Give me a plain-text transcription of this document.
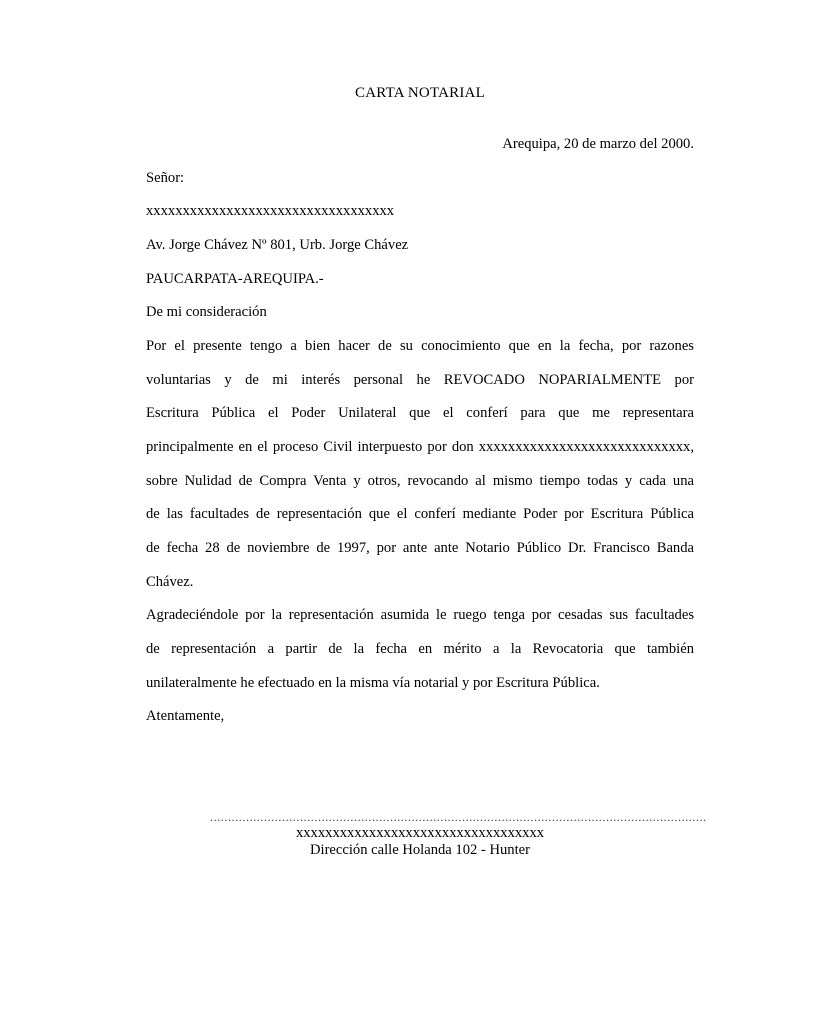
CARTA NOTARIAL
Arequipa, 20 de marzo del 2000.
Señor:
xxxxxxxxxxxxxxxxxxxxxxxxxxxxxxxxxx
Av. Jorge Chávez Nº 801, Urb. Jorge Chávez
PAUCARPATA-AREQUIPA.-
De mi consideración
Por el presente tengo a bien hacer de su conocimiento que en la fecha, por razones
voluntarias y de mi interés personal he REVOCADO NOPARIALMENTE por
Escritura Pública el Poder Unilateral que el conferí para que me representara
principalmente en el proceso Civil interpuesto por don xxxxxxxxxxxxxxxxxxxxxxxxxxxxx,
sobre Nulidad de Compra Venta y otros, revocando al mismo tiempo todas y cada una
de las facultades de representación que el conferí mediante Poder por Escritura Pública
de fecha 28 de noviembre de 1997, por ante ante Notario Público Dr. Francisco Banda
Chávez.
Agradeciéndole por la representación asumida le ruego tenga por cesadas sus facultades
de representación a partir de la fecha en mérito a la Revocatoria que también
unilateralmente he efectuado en la misma vía notarial y por Escritura Pública.
Atentamente,
..........................................................................................................................................
xxxxxxxxxxxxxxxxxxxxxxxxxxxxxxxxxx
Dirección calle Holanda 102 - Hunter
